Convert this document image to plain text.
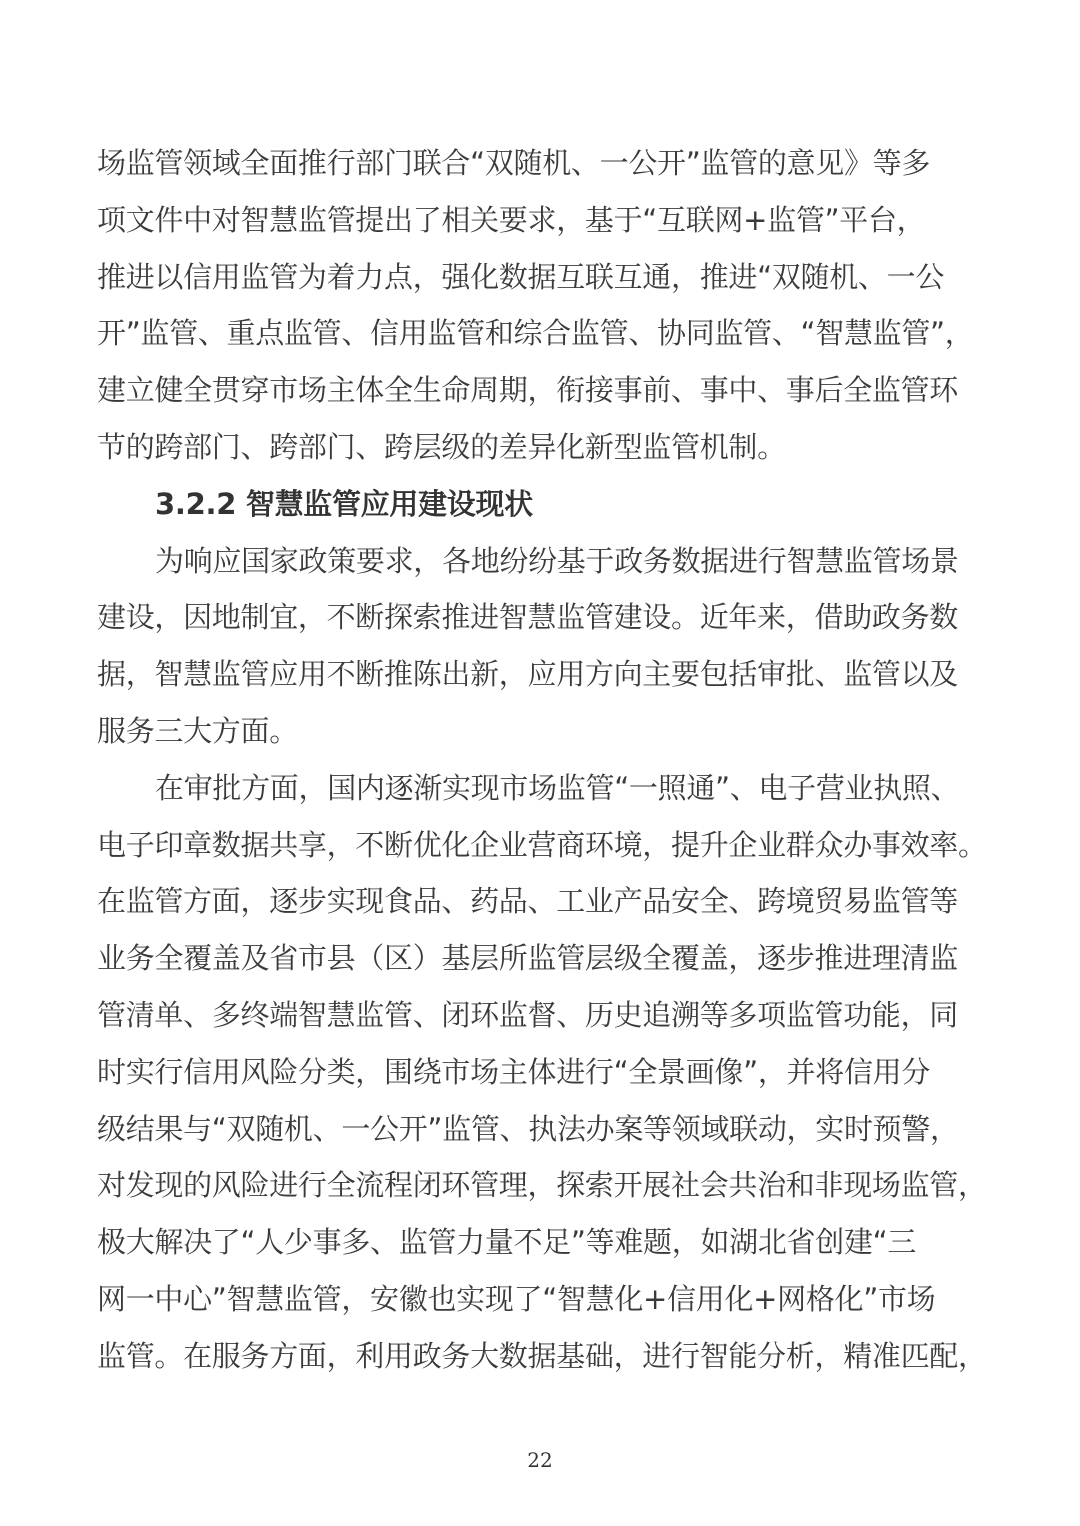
场监管领域全面推行部门联合“双随机、一公开”监管的意见》等多
项文件中对智慧监管提出了相关要求，基于“互联网+监管”平台，
推进以信用监管为着力点，强化数据互联互通，推进“双随机、一公
开”监管、重点监管、信用监管和综合监管、协同监管、“智慧监管”，
建立健全贯穿市场主体全生命周期，衔接事前、事中、事后全监管环
节的跨部门、跨部门、跨层级的差异化新型监管机制。
3.2.2 智慧监管应用建设现状
为响应国家政策要求，各地纷纷基于政务数据进行智慧监管场景
建设，因地制宜，不断探索推进智慧监管建设。近年来，借助政务数
据，智慧监管应用不断推陈出新，应用方向主要包括审批、监管以及
服务三大方面。
在审批方面，国内逐渐实现市场监管“一照通”、电子营业执照、
电子印章数据共享，不断优化企业营商环境，提升企业群众办事效率。
在监管方面，逐步实现食品、药品、工业产品安全、跨境贸易监管等
业务全覆盖及省市县（区）基层所监管层级全覆盖，逐步推进理清监
管清单、多终端智慧监管、闭环监督、历史追溯等多项监管功能，同
时实行信用风险分类，围绕市场主体进行“全景画像”，并将信用分
级结果与“双随机、一公开”监管、执法办案等领域联动，实时预警，
对发现的风险进行全流程闭环管理，探索开展社会共治和非现场监管，
极大解决了“人少事多、监管力量不足”等难题，如湖北省创建“三
网一中心”智慧监管，安徽也实现了“智慧化+信用化+网格化”市场
监管。在服务方面，利用政务大数据基础，进行智能分析，精准匹配，
22
